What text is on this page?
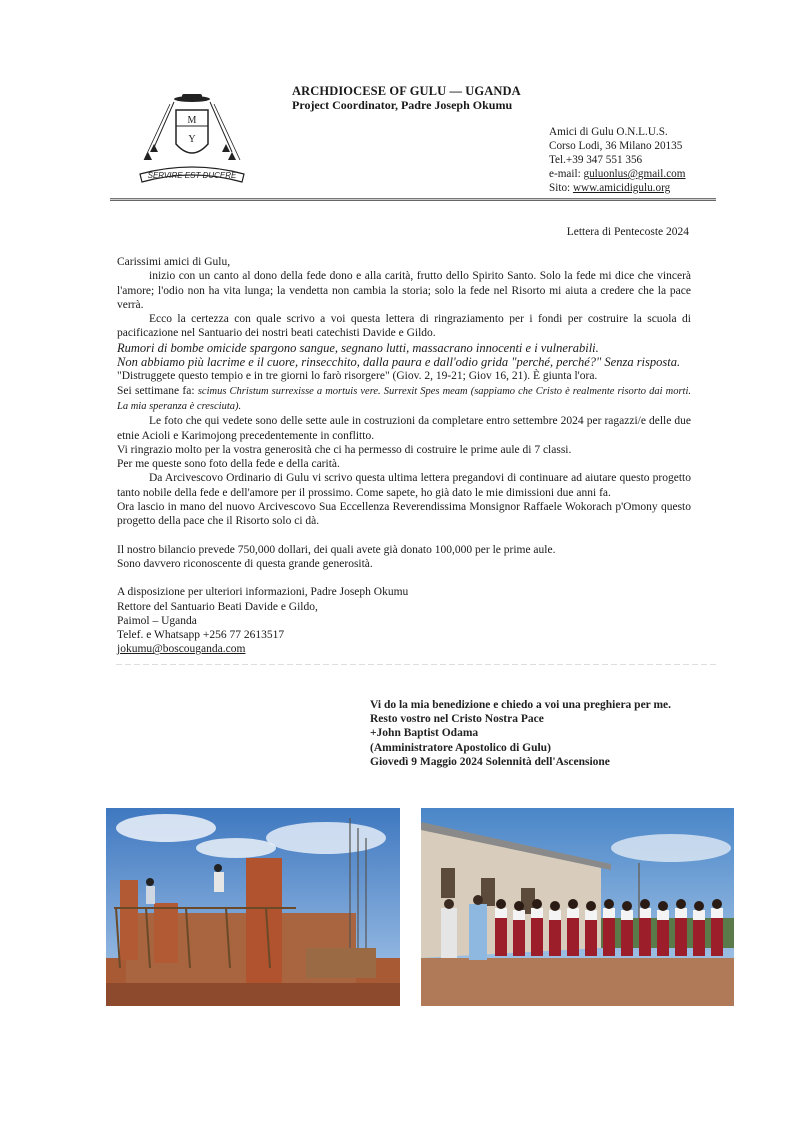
M
Y
SERVIRE EST DUCERE
ARCHDIOCESE OF GULU — UGANDA
Project Coordinator, Padre Joseph Okumu
Amici di Gulu O.N.L.U.S.
Corso Lodi, 36 Milano 20135
Tel.+39 347 551 356
e-mail: guluonlus@gmail.com
Sito: www.amicidigulu.org
Lettera di Pentecoste 2024

Carissimi amici di Gulu,

inizio con un canto al dono della fede dono e alla carità, frutto dello Spirito Santo. Solo la fede mi dice che vincerà l'amore; l'odio non ha vita lunga; la vendetta non cambia la storia; solo la fede nel Risorto mi aiuta a credere che la pace verrà.

Ecco la certezza con quale scrivo a voi questa lettera di ringraziamento per i fondi per costruire la scuola di pacificazione nel Santuario dei nostri beati catechisti Davide e Gildo.

Rumori di bombe omicide spargono sangue, segnano lutti, massacrano innocenti e i vulnerabili.

Non abbiamo più lacrime e il cuore, rinsecchito, dalla paura e dall'odio grida "perché, perché?" Senza risposta.

"Distruggete questo tempio e in tre giorni lo farò risorgere" (Giov. 2, 19-21; Giov 16, 21). È giunta l'ora.

Sei settimane fa: scimus Christum surrexisse a mortuis vere. Surrexit Spes meam (sappiamo che Cristo è realmente risorto dai morti. La mia speranza è cresciuta).

Le foto che qui vedete sono delle sette aule in costruzioni da completare entro settembre 2024 per ragazzi/e delle due etnie Acioli e Karimojong precedentemente in conflitto.

Vi ringrazio molto per la vostra generosità che ci ha permesso di costruire le prime aule di 7 classi.

Per me queste sono foto della fede e della carità.

Da Arcivescovo Ordinario di Gulu vi scrivo questa ultima lettera pregandovi di continuare ad aiutare questo progetto tanto nobile della fede e dell'amore per il prossimo. Come sapete, ho già dato le mie dimissioni due anni fa.

Ora lascio in mano del nuovo Arcivescovo Sua Eccellenza Reverendissima Monsignor Raffaele Wokorach p'Omony questo progetto della pace che il Risorto solo ci dà.

Il nostro bilancio prevede 750,000 dollari, dei quali avete già donato 100,000 per le prime aule.

Sono davvero riconoscente di questa grande generosità.

A disposizione per ulteriori informazioni, Padre Joseph Okumu

Rettore del Santuario Beati Davide e Gildo,

Paimol – Uganda

Telef. e Whatsapp +256 77 2613517

jokumu@boscouganda.com

Vi do la mia benedizione e chiedo a voi una preghiera per me.
Resto vostro nel Cristo Nostra Pace
+John Baptist Odama
(Amministratore Apostolico di Gulu)
Giovedì 9 Maggio 2024 Solennità dell'Ascensione
